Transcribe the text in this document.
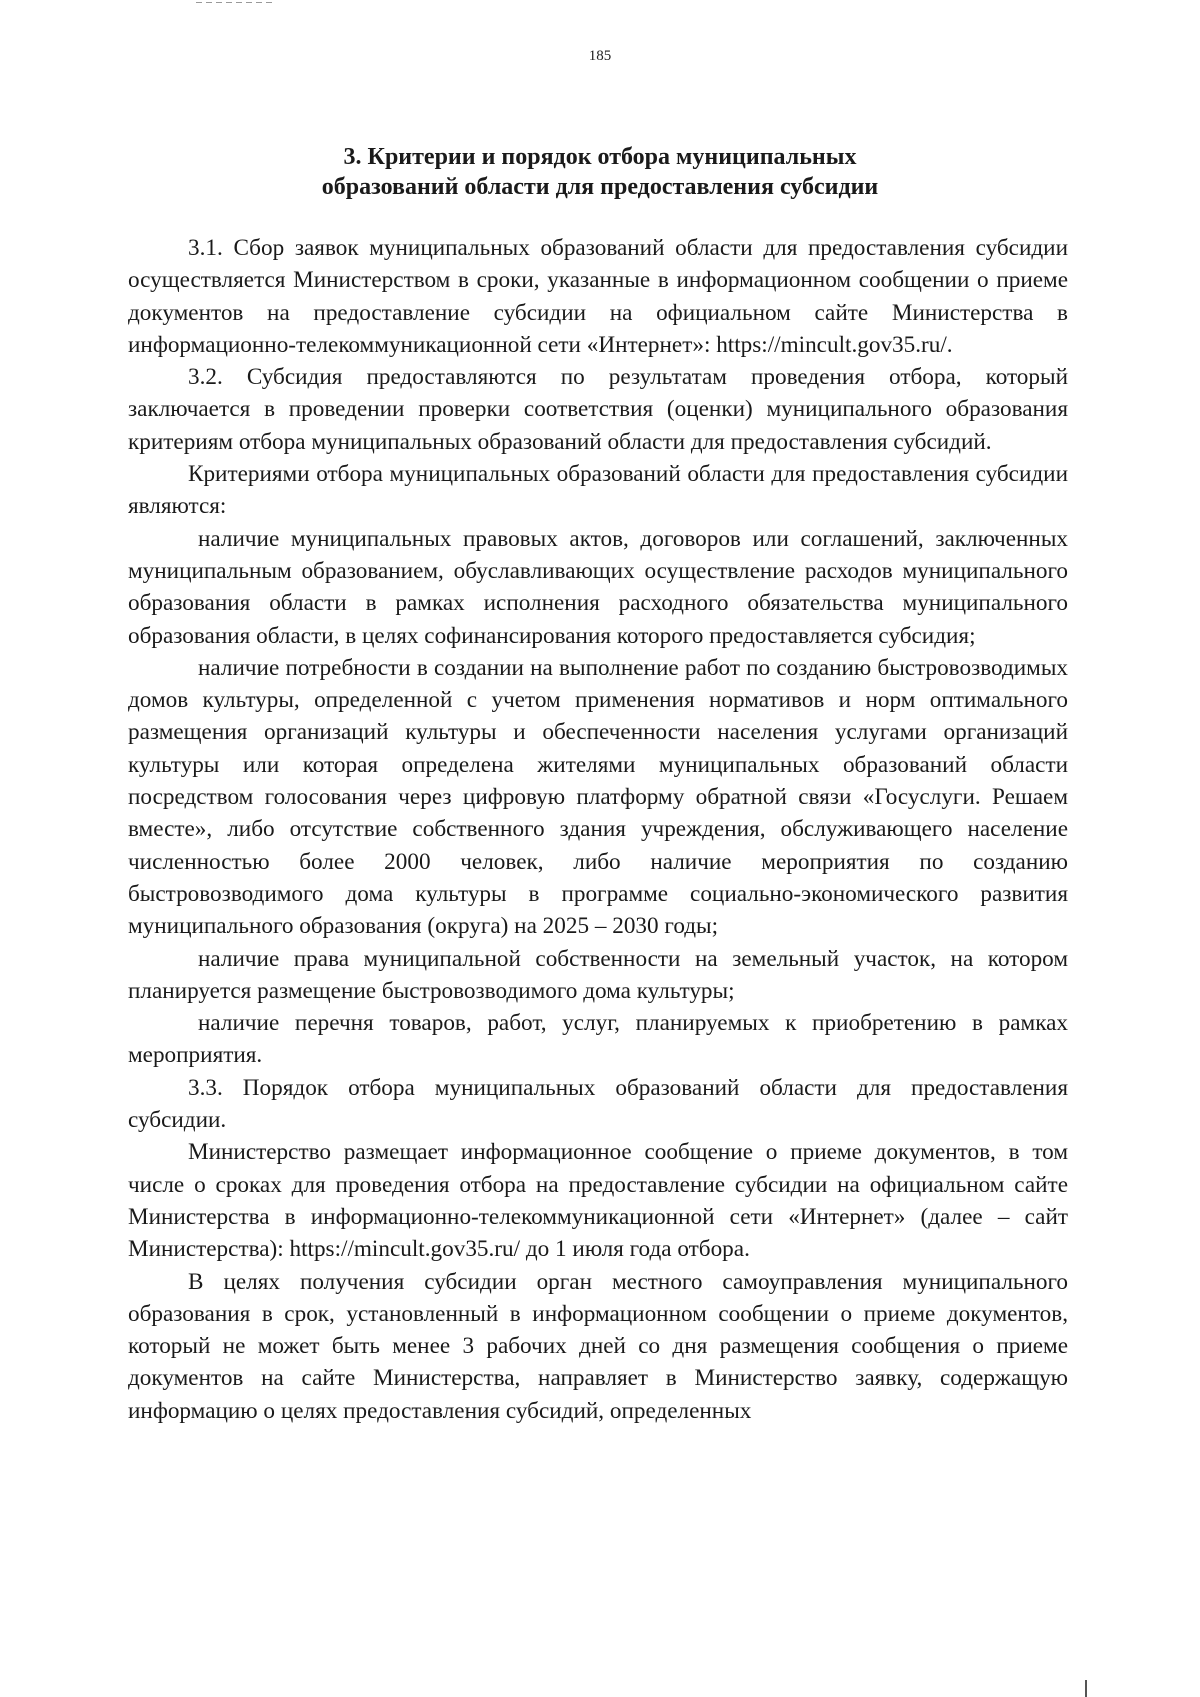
185
3. Критерии и порядок отбора муниципальных
образований области для предоставления субсидии

3.1. Сбор заявок муниципальных образований области для предоставления субсидии осуществляется Министерством в сроки, указанные в информационном сообщении о приеме документов на предоставление субсидии на официальном сайте Министерства в информационно-телекоммуникационной сети «Интернет»: https://mincult.gov35.ru/.

3.2. Субсидия предоставляются по результатам проведения отбора, который заключается в проведении проверки соответствия (оценки) муниципального образования критериям отбора муниципальных образований области для предоставления субсидий.

Критериями отбора муниципальных образований области для предоставления субсидии являются:

наличие муниципальных правовых актов, договоров или соглашений, заключенных муниципальным образованием, обуславливающих осуществление расходов муниципального образования области в рамках исполнения расходного обязательства муниципального образования области, в целях софинансирования которого предоставляется субсидия;

наличие потребности в создании на выполнение работ по созданию быстровозводимых домов культуры, определенной с учетом применения нормативов и норм оптимального размещения организаций культуры и обеспеченности населения услугами организаций культуры или которая определена жителями муниципальных образований области посредством голосования через цифровую платформу обратной связи «Госуслуги. Решаем вместе», либо отсутствие собственного здания учреждения, обслуживающего население численностью более 2000 человек, либо наличие мероприятия по созданию быстровозводимого дома культуры в программе социально-экономического развития муниципального образования (округа) на 2025 – 2030 годы;

наличие права муниципальной собственности на земельный участок, на котором планируется размещение быстровозводимого дома культуры;

наличие перечня товаров, работ, услуг, планируемых к приобретению в рамках мероприятия.

3.3. Порядок отбора муниципальных образований области для предоставления субсидии.

Министерство размещает информационное сообщение о приеме документов, в том числе о сроках для проведения отбора на предоставление субсидии на официальном сайте Министерства в информационно-телекоммуникационной сети «Интернет» (далее – сайт Министерства): https://mincult.gov35.ru/ до 1 июля года отбора.

В целях получения субсидии орган местного самоуправления муниципального образования в срок, установленный в информационном сообщении о приеме документов, который не может быть менее 3 рабочих дней со дня размещения сообщения о приеме документов на сайте Министерства, направляет в Министерство заявку, содержащую информацию о целях предоставления субсидий, определенных
